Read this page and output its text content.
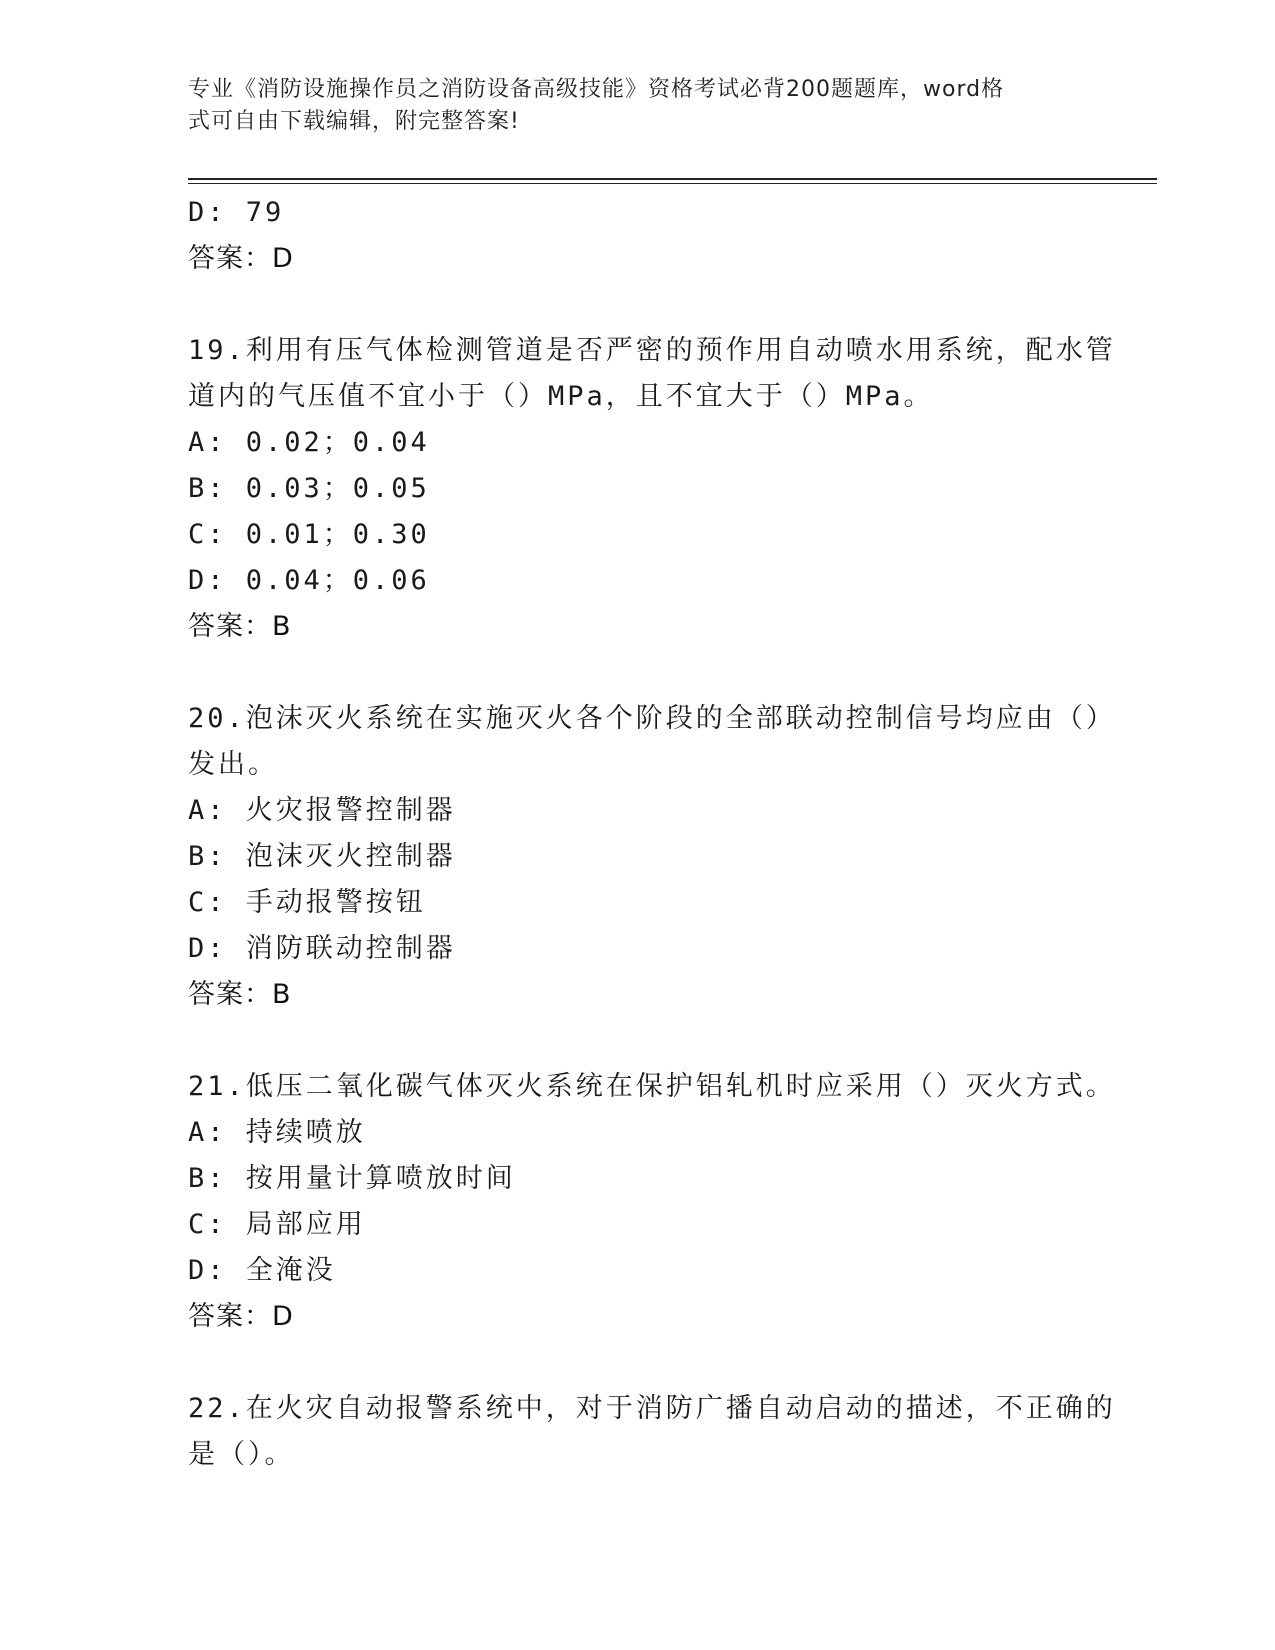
专业《消防设施操作员之消防设备高级技能》资格考试必背200题题库，word格
式可自由下载编辑，附完整答案!
D: 79
答案：D
19.利用有压气体检测管道是否严密的预作用自动喷水用系统，配水管
道内的气压值不宜小于（）MPa，且不宜大于（）MPa。
A: 0.02；0.04
B: 0.03；0.05
C: 0.01；0.30
D: 0.04；0.06
答案：B
20.泡沫灭火系统在实施灭火各个阶段的全部联动控制信号均应由（）
发出。
A: 火灾报警控制器
B: 泡沫灭火控制器
C: 手动报警按钮
D: 消防联动控制器
答案：B
21.低压二氧化碳气体灭火系统在保护铝轧机时应采用（）灭火方式。
A: 持续喷放
B: 按用量计算喷放时间
C: 局部应用
D: 全淹没
答案：D
22.在火灾自动报警系统中，对于消防广播自动启动的描述，不正确的
是（）。
